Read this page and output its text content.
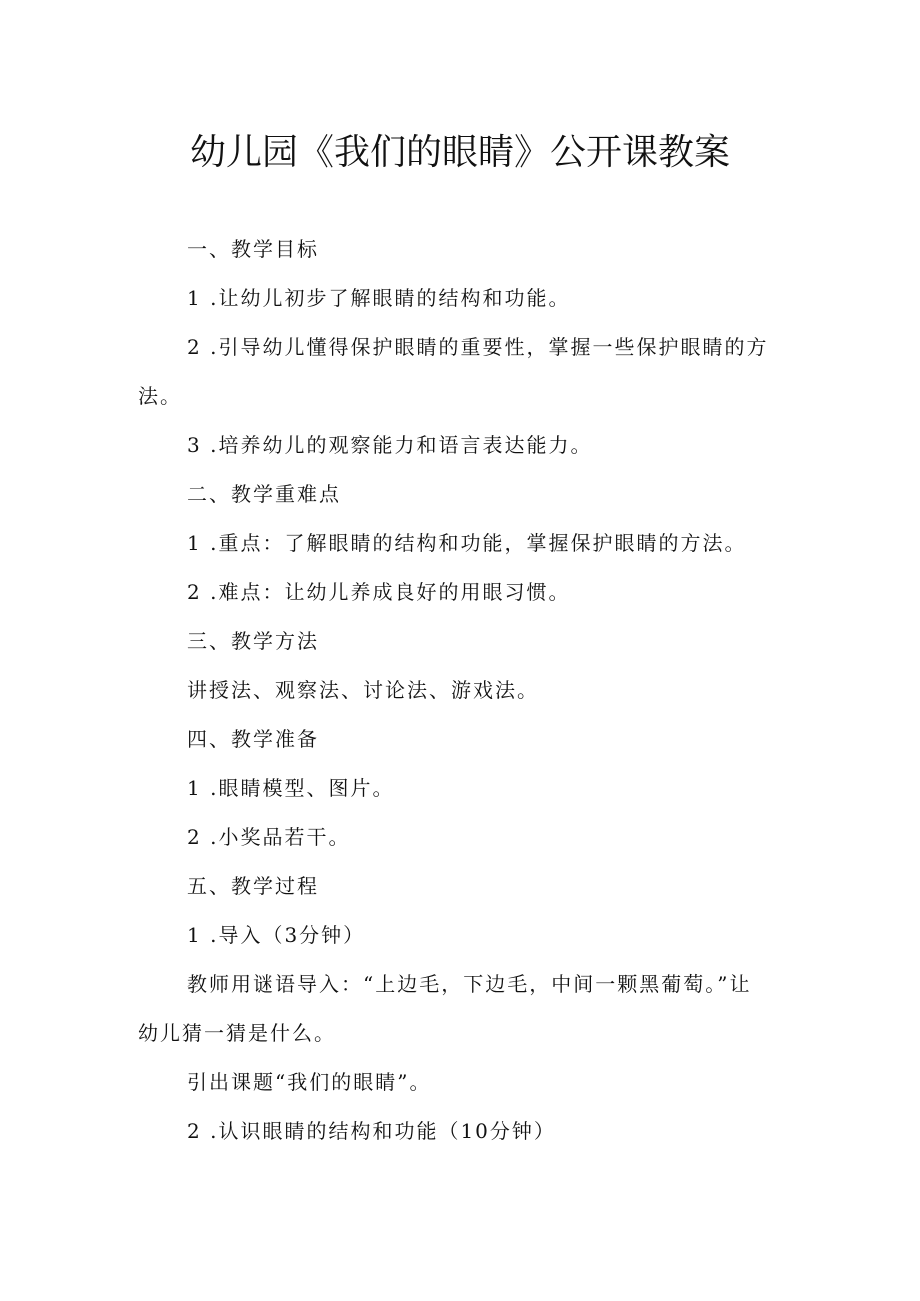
幼儿园《我们的眼睛》公开课教案

一、教学目标

1 .让幼儿初步了解眼睛的结构和功能。

2 .引导幼儿懂得保护眼睛的重要性，掌握一些保护眼睛的方

法。

3 .培养幼儿的观察能力和语言表达能力。

二、教学重难点

1 .重点：了解眼睛的结构和功能，掌握保护眼睛的方法。

2 .难点：让幼儿养成良好的用眼习惯。

三、教学方法

讲授法、观察法、讨论法、游戏法。

四、教学准备

1 .眼睛模型、图片。

2 .小奖品若干。

五、教学过程

1 .导入（3分钟）

教师用谜语导入：“上边毛，下边毛，中间一颗黑葡萄。”让

幼儿猜一猜是什么。

引出课题“我们的眼睛”。

2 .认识眼睛的结构和功能（10分钟）
